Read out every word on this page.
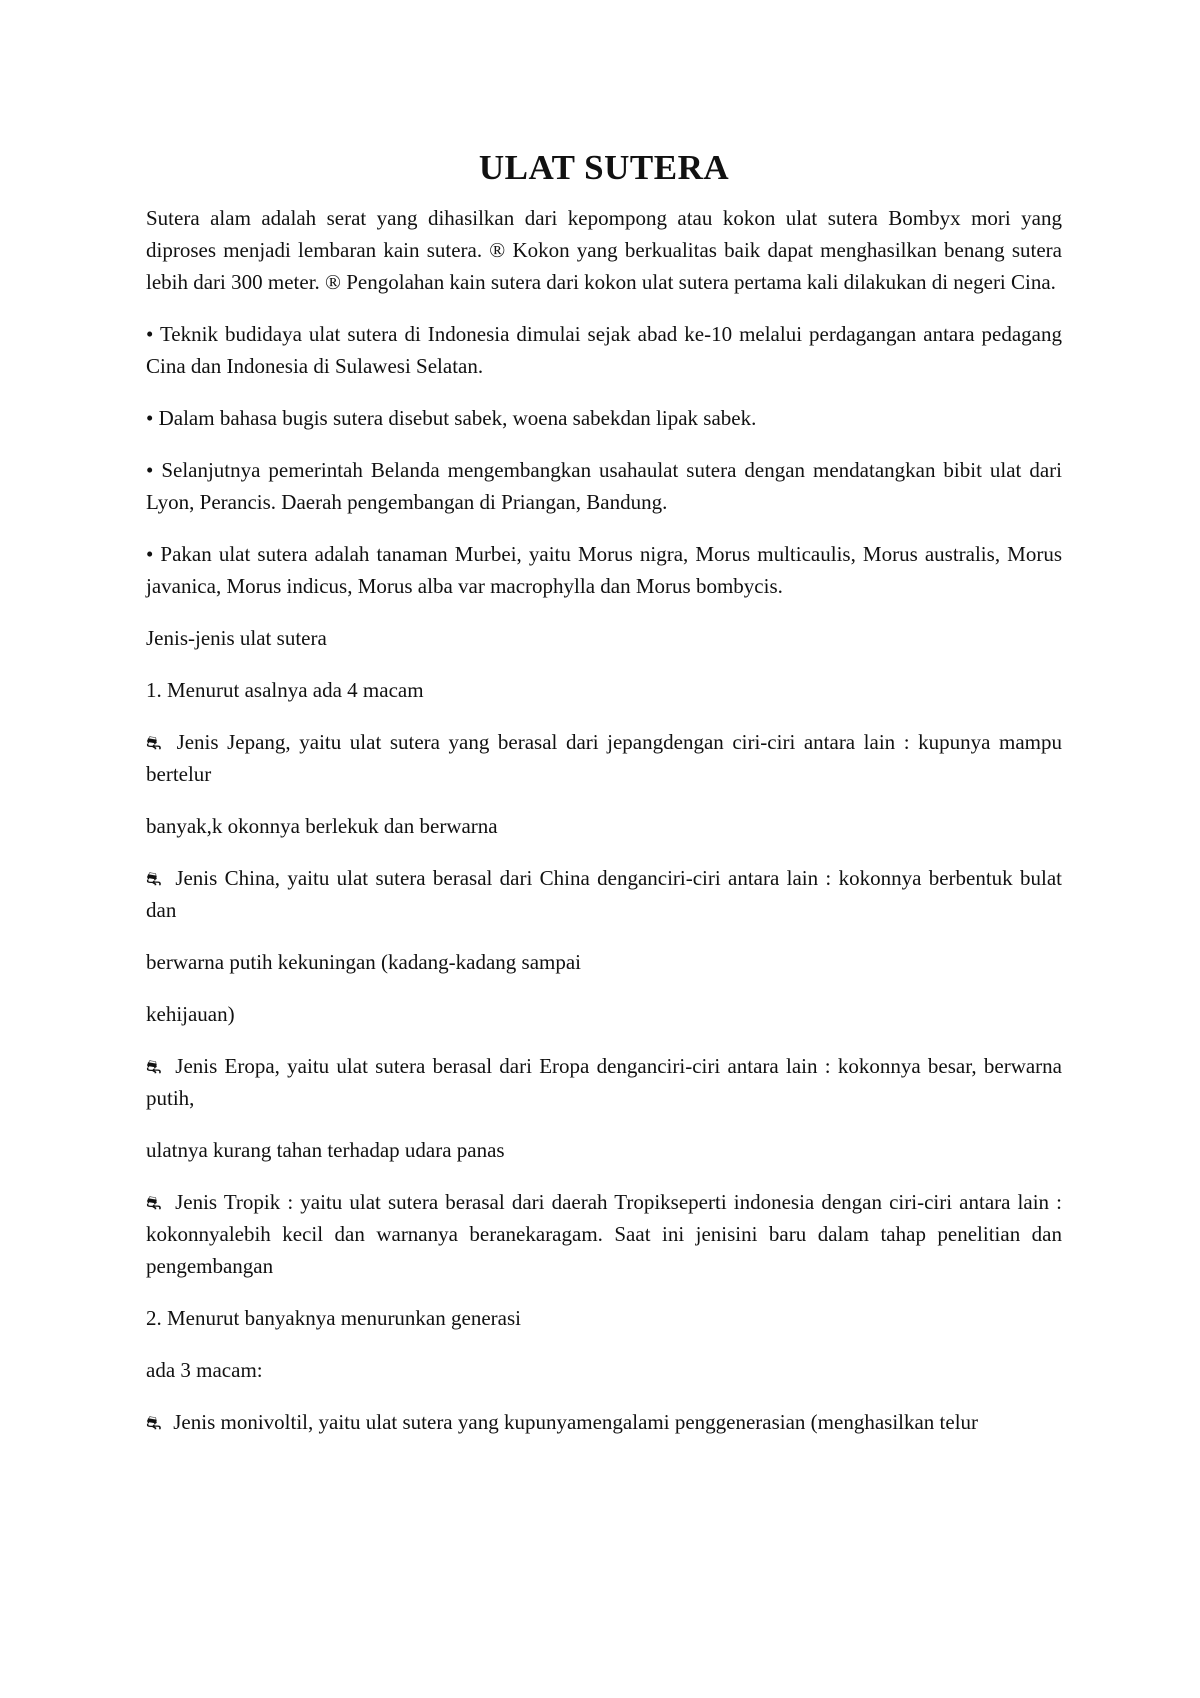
ULAT SUTERA

Sutera alam adalah serat yang dihasilkan dari kepompong atau kokon ulat sutera Bombyx mori yang diproses menjadi lembaran kain sutera. ® Kokon yang berkualitas baik dapat menghasilkan benang sutera lebih dari 300 meter. ® Pengolahan kain sutera dari kokon ulat sutera pertama kali dilakukan di negeri Cina.

• Teknik budidaya ulat sutera di Indonesia dimulai sejak abad ke-10 melalui perdagangan antara pedagang Cina dan Indonesia di Sulawesi Selatan.

• Dalam bahasa bugis sutera disebut sabek, woena sabekdan lipak sabek.

• Selanjutnya pemerintah Belanda mengembangkan usahaulat sutera dengan mendatangkan bibit ulat dari Lyon, Perancis. Daerah pengembangan di Priangan, Bandung.

• Pakan ulat sutera adalah tanaman Murbei, yaitu Morus nigra, Morus multicaulis, Morus australis, Morus javanica, Morus indicus, Morus alba var macrophylla dan Morus bombycis.

Jenis-jenis ulat sutera

1. Menurut asalnya ada 4 macam

⛐ Jenis Jepang, yaitu ulat sutera yang berasal dari jepangdengan ciri-ciri antara lain : kupunya mampu bertelur

banyak,k okonnya berlekuk dan berwarna

⛐ Jenis China, yaitu ulat sutera berasal dari China denganciri-ciri antara lain : kokonnya berbentuk bulat dan

berwarna putih kekuningan (kadang-kadang sampai

kehijauan)

⛐ Jenis Eropa, yaitu ulat sutera berasal dari Eropa denganciri-ciri antara lain : kokonnya besar, berwarna putih,

ulatnya kurang tahan terhadap udara panas

⛐ Jenis Tropik : yaitu ulat sutera berasal dari daerah Tropikseperti indonesia dengan ciri-ciri antara lain : kokonnyalebih kecil dan warnanya beranekaragam. Saat ini jenisini baru dalam tahap penelitian dan pengembangan

2. Menurut banyaknya menurunkan generasi

ada 3 macam:

⛐ Jenis monivoltil, yaitu ulat sutera yang kupunyamengalami penggenerasian (menghasilkan telur
